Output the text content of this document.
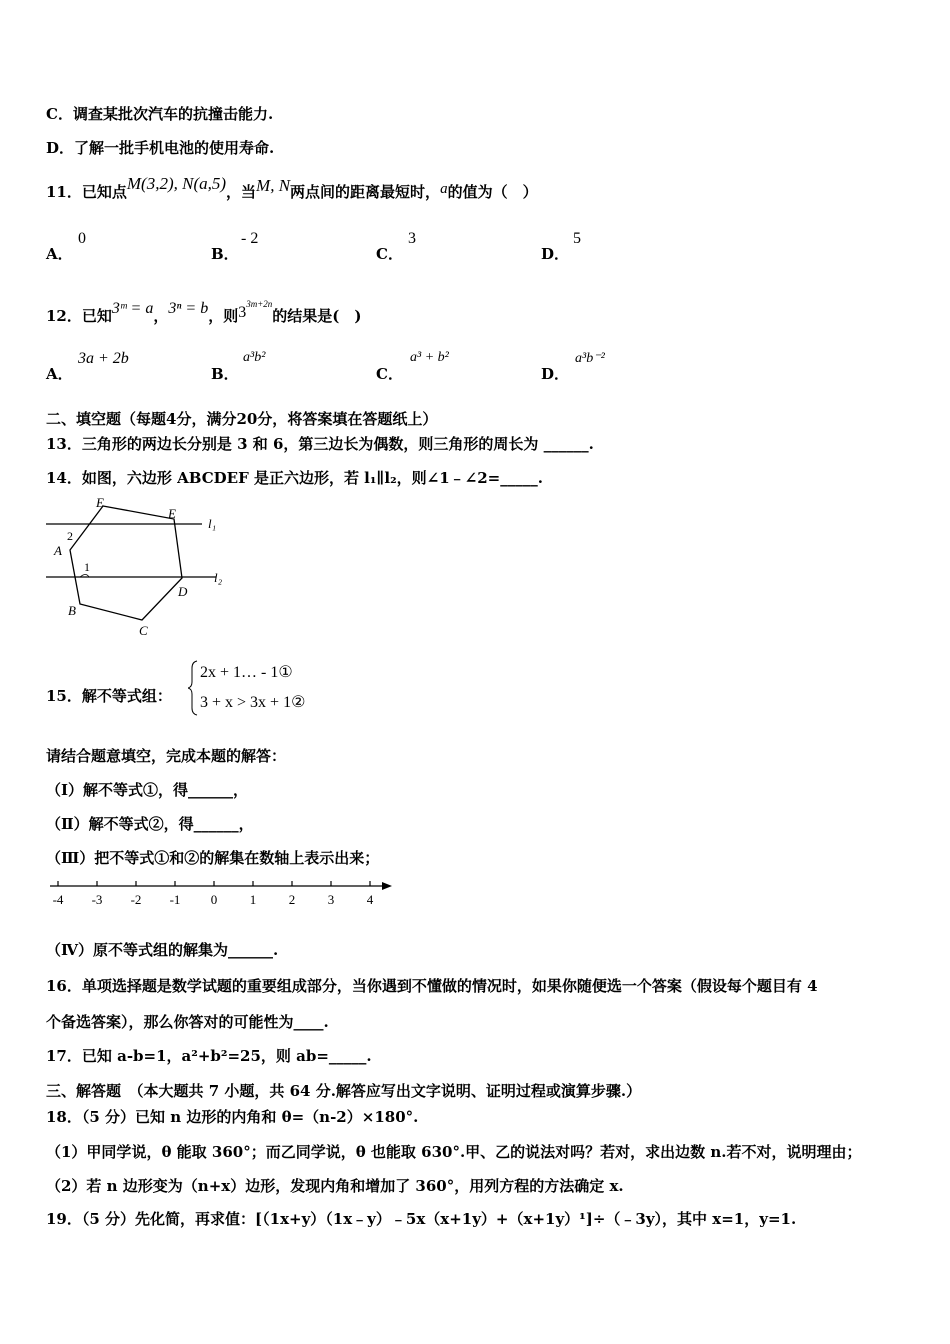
C．调查某批次汽车的抗撞击能力.
D．了解一批手机电池的使用寿命.
11．已知点M(3,2), N(a,5)，当M, N两点间的距离最短时，a的值为（　）
A．
0
B．
- 2
C．
3
D．
5
12．已知3ᵐ = a，3ⁿ = b，则$3^{3m+2n}$的结果是(　)
A．
3a + 2b
B．
a³b²
C．
a³ + b²
D．
a³b⁻²
二、填空题（每题4分，满分20分，将答案填在答题纸上）
13．三角形的两边长分别是 3 和 6，第三边长为偶数，则三角形的周长为 ______.
14．如图，六边形 ABCDEF 是正六边形，若 l₁∥l₂，则∠1﹣∠2=_____.
E
E
A
B
C
D
2
1
l₁
l₂
15．解不等式组：
2x + 1… - 1①
3 + x > 3x + 1②
请结合题意填空，完成本题的解答：
（Ⅰ）解不等式①，得______，
（Ⅱ）解不等式②，得______，
（Ⅲ）把不等式①和②的解集在数轴上表示出来；
-4 -3 -2 -1 0	1	2	3	4
（Ⅳ）原不等式组的解集为______.
16．单项选择题是数学试题的重要组成部分，当你遇到不懂做的情况时，如果你随便选一个答案（假设每个题目有 4
个备选答案），那么你答对的可能性为____.
17．已知 a-b=1，a²+b²=25，则 ab=_____.
三、解答题　（本大题共 7 小题，共 64 分.解答应写出文字说明、证明过程或演算步骤.）
18．（5 分）已知 n 边形的内角和 θ=（n-2）×180°.
（1）甲同学说，θ 能取 360°；而乙同学说，θ 也能取 630°.甲、乙的说法对吗？若对，求出边数 n.若不对，说明理由；
（2）若 n 边形变为（n+x）边形，发现内角和增加了 360°，用列方程的方法确定 x.
19．（5 分）先化简，再求值：[（1x+y）（1x﹣y）﹣5x（x+1y）+（x+1y）¹]÷（﹣3y），其中 x=1，y=1.
